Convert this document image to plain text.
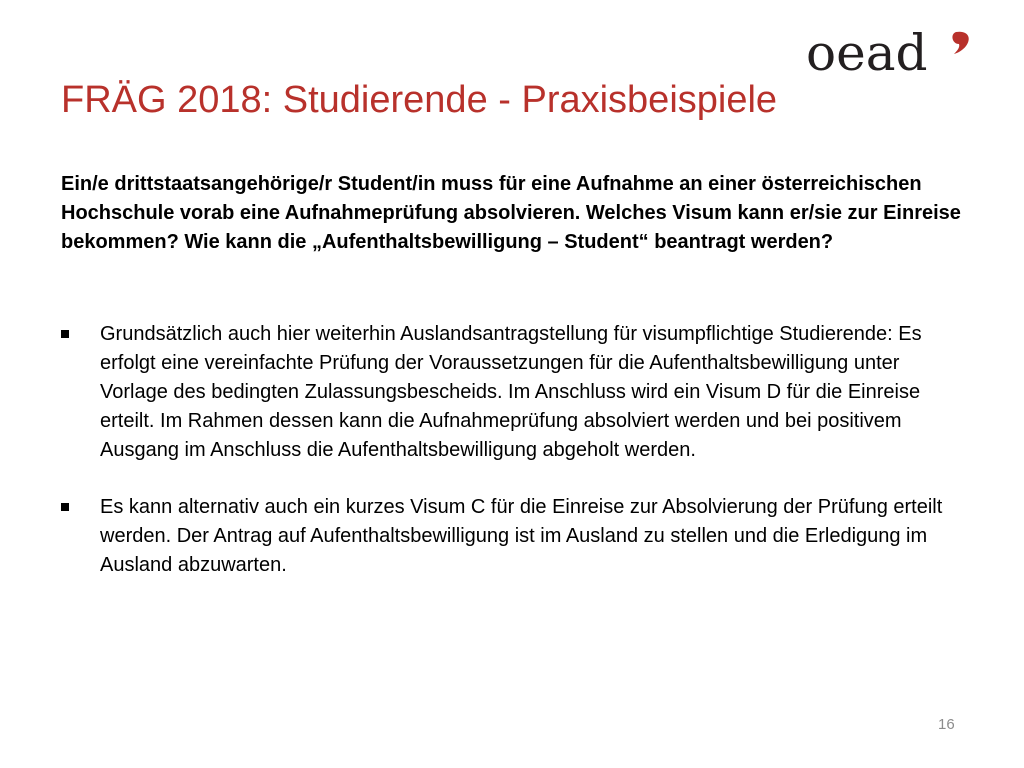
oead
FRÄG 2018: Studierende - Praxisbeispiele

Ein/e drittstaatsangehörige/r Student/in muss für eine Aufnahme an einer österreichischen Hochschule vorab eine Aufnahmeprüfung absolvieren. Welches Visum kann er/sie zur Einreise bekommen? Wie kann die „Aufenthaltsbewilligung – Student“ beantragt werden?

Grundsätzlich auch hier weiterhin Auslandsantragstellung für visumpflichtige Studierende: Es erfolgt eine vereinfachte Prüfung der Voraussetzungen für die Aufenthaltsbewilligung unter Vorlage des bedingten Zulassungsbescheids. Im Anschluss wird ein Visum D für die Einreise erteilt. Im Rahmen dessen kann die Aufnahmeprüfung absolviert werden und bei positivem Ausgang im Anschluss die Aufenthaltsbewilligung abgeholt werden.
Es kann alternativ auch ein kurzes Visum C für die Einreise zur Absolvierung der Prüfung erteilt werden. Der Antrag auf Aufenthaltsbewilligung ist im Ausland zu stellen und die Erledigung im Ausland abzuwarten.
16
